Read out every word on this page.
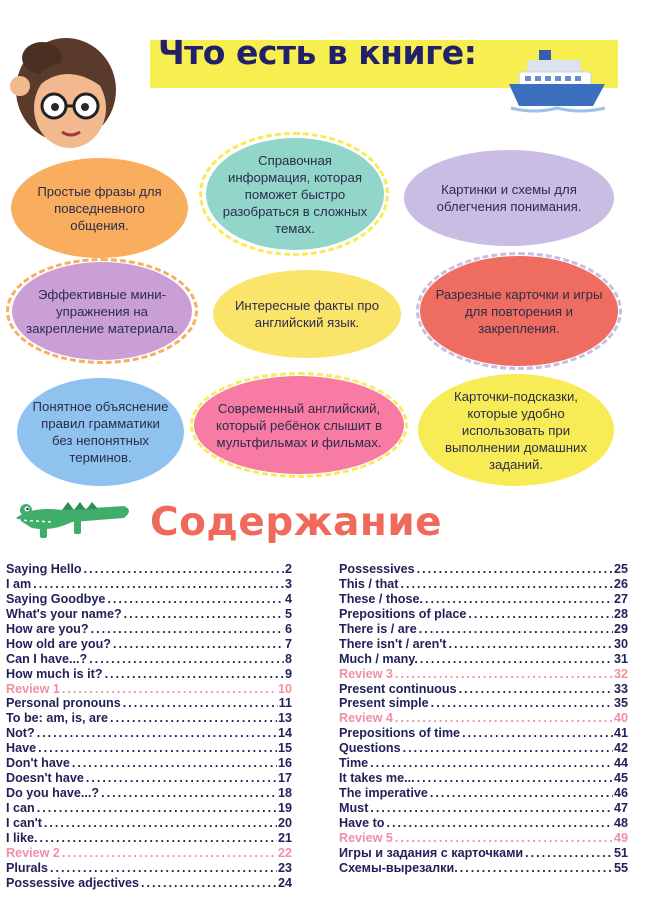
Что есть в книге:
Простые фразы для повседневного общения.
Справочная информация, которая поможет быстро разобраться в сложных темах.
Картинки и схемы для облегчения понимания.
Эффективные мини-упражнения на закрепление материала.
Интересные факты про английский язык.
Разрезные карточки и игры для повторения и закрепления.
Понятное объяснение правил грамматики без непонятных терминов.
Современный английский, который ребёнок слышит в мультфильмах и фильмах.
Карточки-подсказки, которые удобно использовать при выполнении домашних заданий.
Содержание
Saying Hello .....	2
I am .....	3
Saying Goodbye .....	4
What's your name? .....	5
How are you? .....	6
How old are you? .....	7
Can I have...? .....	8
How much is it? .....	9
Review 1 .....	10
Personal pronouns .....	11
To be: am, is, are .....	13
Not? .....	14
Have .....	15
Don't have .....	16
Doesn't have .....	17
Do you have...? .....	18
I can .....	19
I can't .....	20
I like. .....	21
Review 2 .....	22
Plurals .....	23
Possessive adjectives .....	24
Possessives .....	25
This / that .....	26
These / those. .....	27
Prepositions of place .....	28
There is / are .....	29
There isn't / aren't .....	30
Much / many. .....	31
Review 3 .....	32
Present continuous .....	33
Present simple .....	35
Review 4 .....	40
Prepositions of time .....	41
Questions .....	42
Time .....	44
It takes me... .....	45
The imperative .....	46
Must .....	47
Have to .....	48
Review 5 .....	49
Игры и задания с карточками .....	51
Схемы-вырезалки. .....	55
